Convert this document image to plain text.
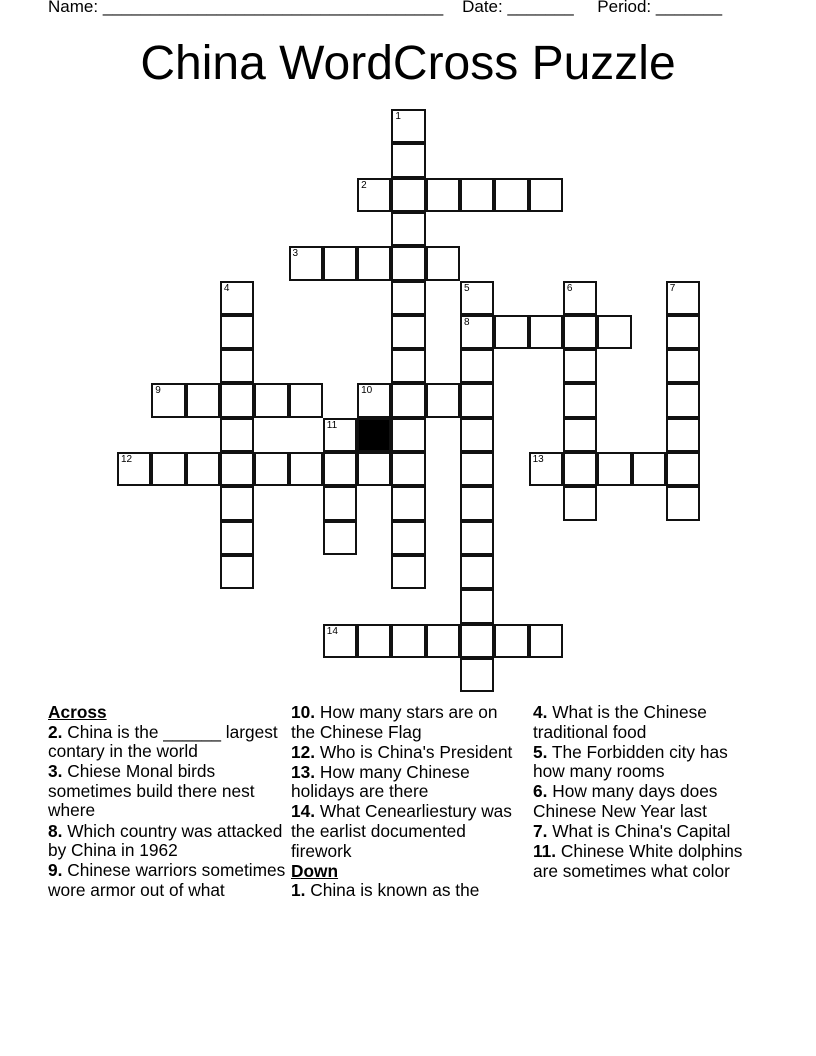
Name: ____________________________________ Date: _______ Period: _______
China WordCross Puzzle
1
2
3
4	5
8
6	7
9	10
11
12	13
14
Across
2. China is the ______ largest contary in the world
3. Chiese Monal birds sometimes build there nest where
8. Which country was attacked by China in 1962
9. Chinese warriors sometimes wore armor out of what
10. How many stars are on the Chinese Flag
12. Who is China's President
13. How many Chinese holidays are there
14. What Cenearliestury was the earlist documented firework
Down
1. China is known as the
4. What is the Chinese traditional food
5. The Forbidden city has how many rooms
6. How many days does Chinese New Year last
7. What is China's Capital
11. Chinese White dolphins are sometimes what color
